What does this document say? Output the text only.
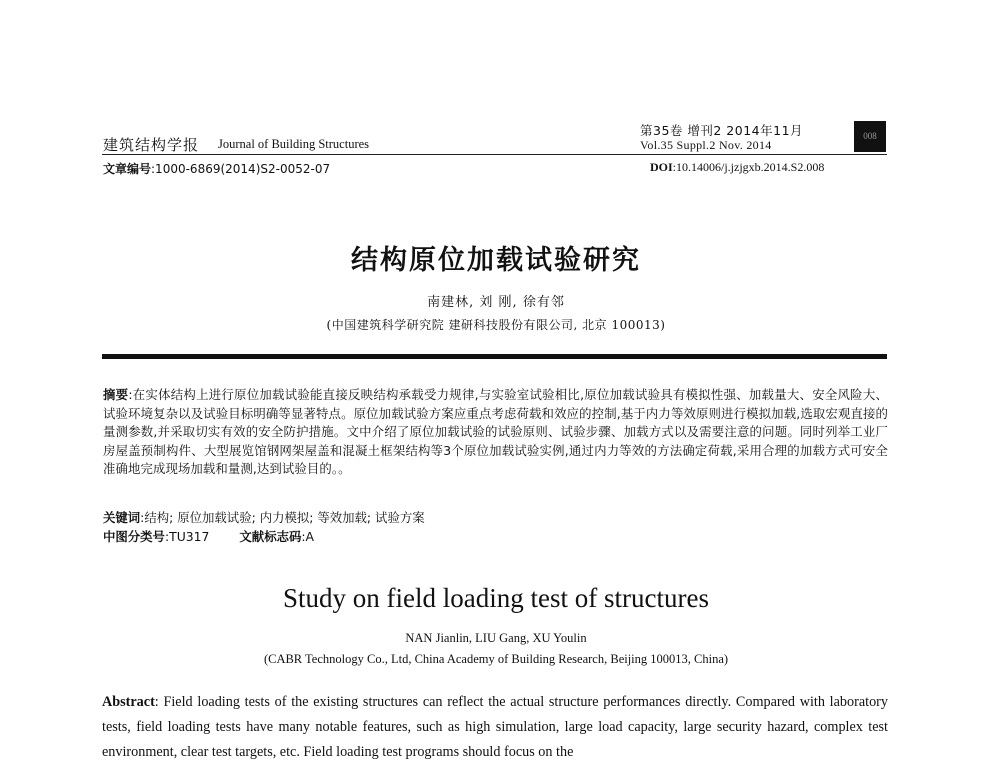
建筑结构学报 Journal of Building Structures
第35卷 增刊2 2014年11月
Vol.35 Suppl.2 Nov. 2014
008
文章编号:1000-6869(2014)S2-0052-07	DOI:10.14006/j.jzjgxb.2014.S2.008
结构原位加载试验研究
南建林, 刘 刚, 徐有邻
(中国建筑科学研究院 建研科技股份有限公司, 北京 100013)
摘要:在实体结构上进行原位加载试验能直接反映结构承载受力规律,与实验室试验相比,原位加载试验具有模拟性强、加载量大、安全风险大、试验环境复杂以及试验目标明确等显著特点。原位加载试验方案应重点考虑荷载和效应的控制,基于内力等效原则进行模拟加载,选取宏观直接的量测参数,并采取切实有效的安全防护措施。文中介绍了原位加载试验的试验原则、试验步骤、加载方式以及需要注意的问题。同时列举工业厂房屋盖预制构件、大型展览馆钢网架屋盖和混凝土框架结构等3个原位加载试验实例,通过内力等效的方法确定荷载,采用合理的加载方式可安全准确地完成现场加载和量测,达到试验目的。。
关键词:结构; 原位加载试验; 内力模拟; 等效加载; 试验方案
中图分类号:TU317 文献标志码:A
Study on field loading test of structures
NAN Jianlin, LIU Gang, XU Youlin
(CABR Technology Co., Ltd, China Academy of Building Research, Beijing 100013, China)
Abstract: Field loading tests of the existing structures can reflect the actual structure performances directly. Compared with laboratory tests, field loading tests have many notable features, such as high simulation, large load capacity, large security hazard, complex test environment, clear test targets, etc. Field loading test programs should focus on the
